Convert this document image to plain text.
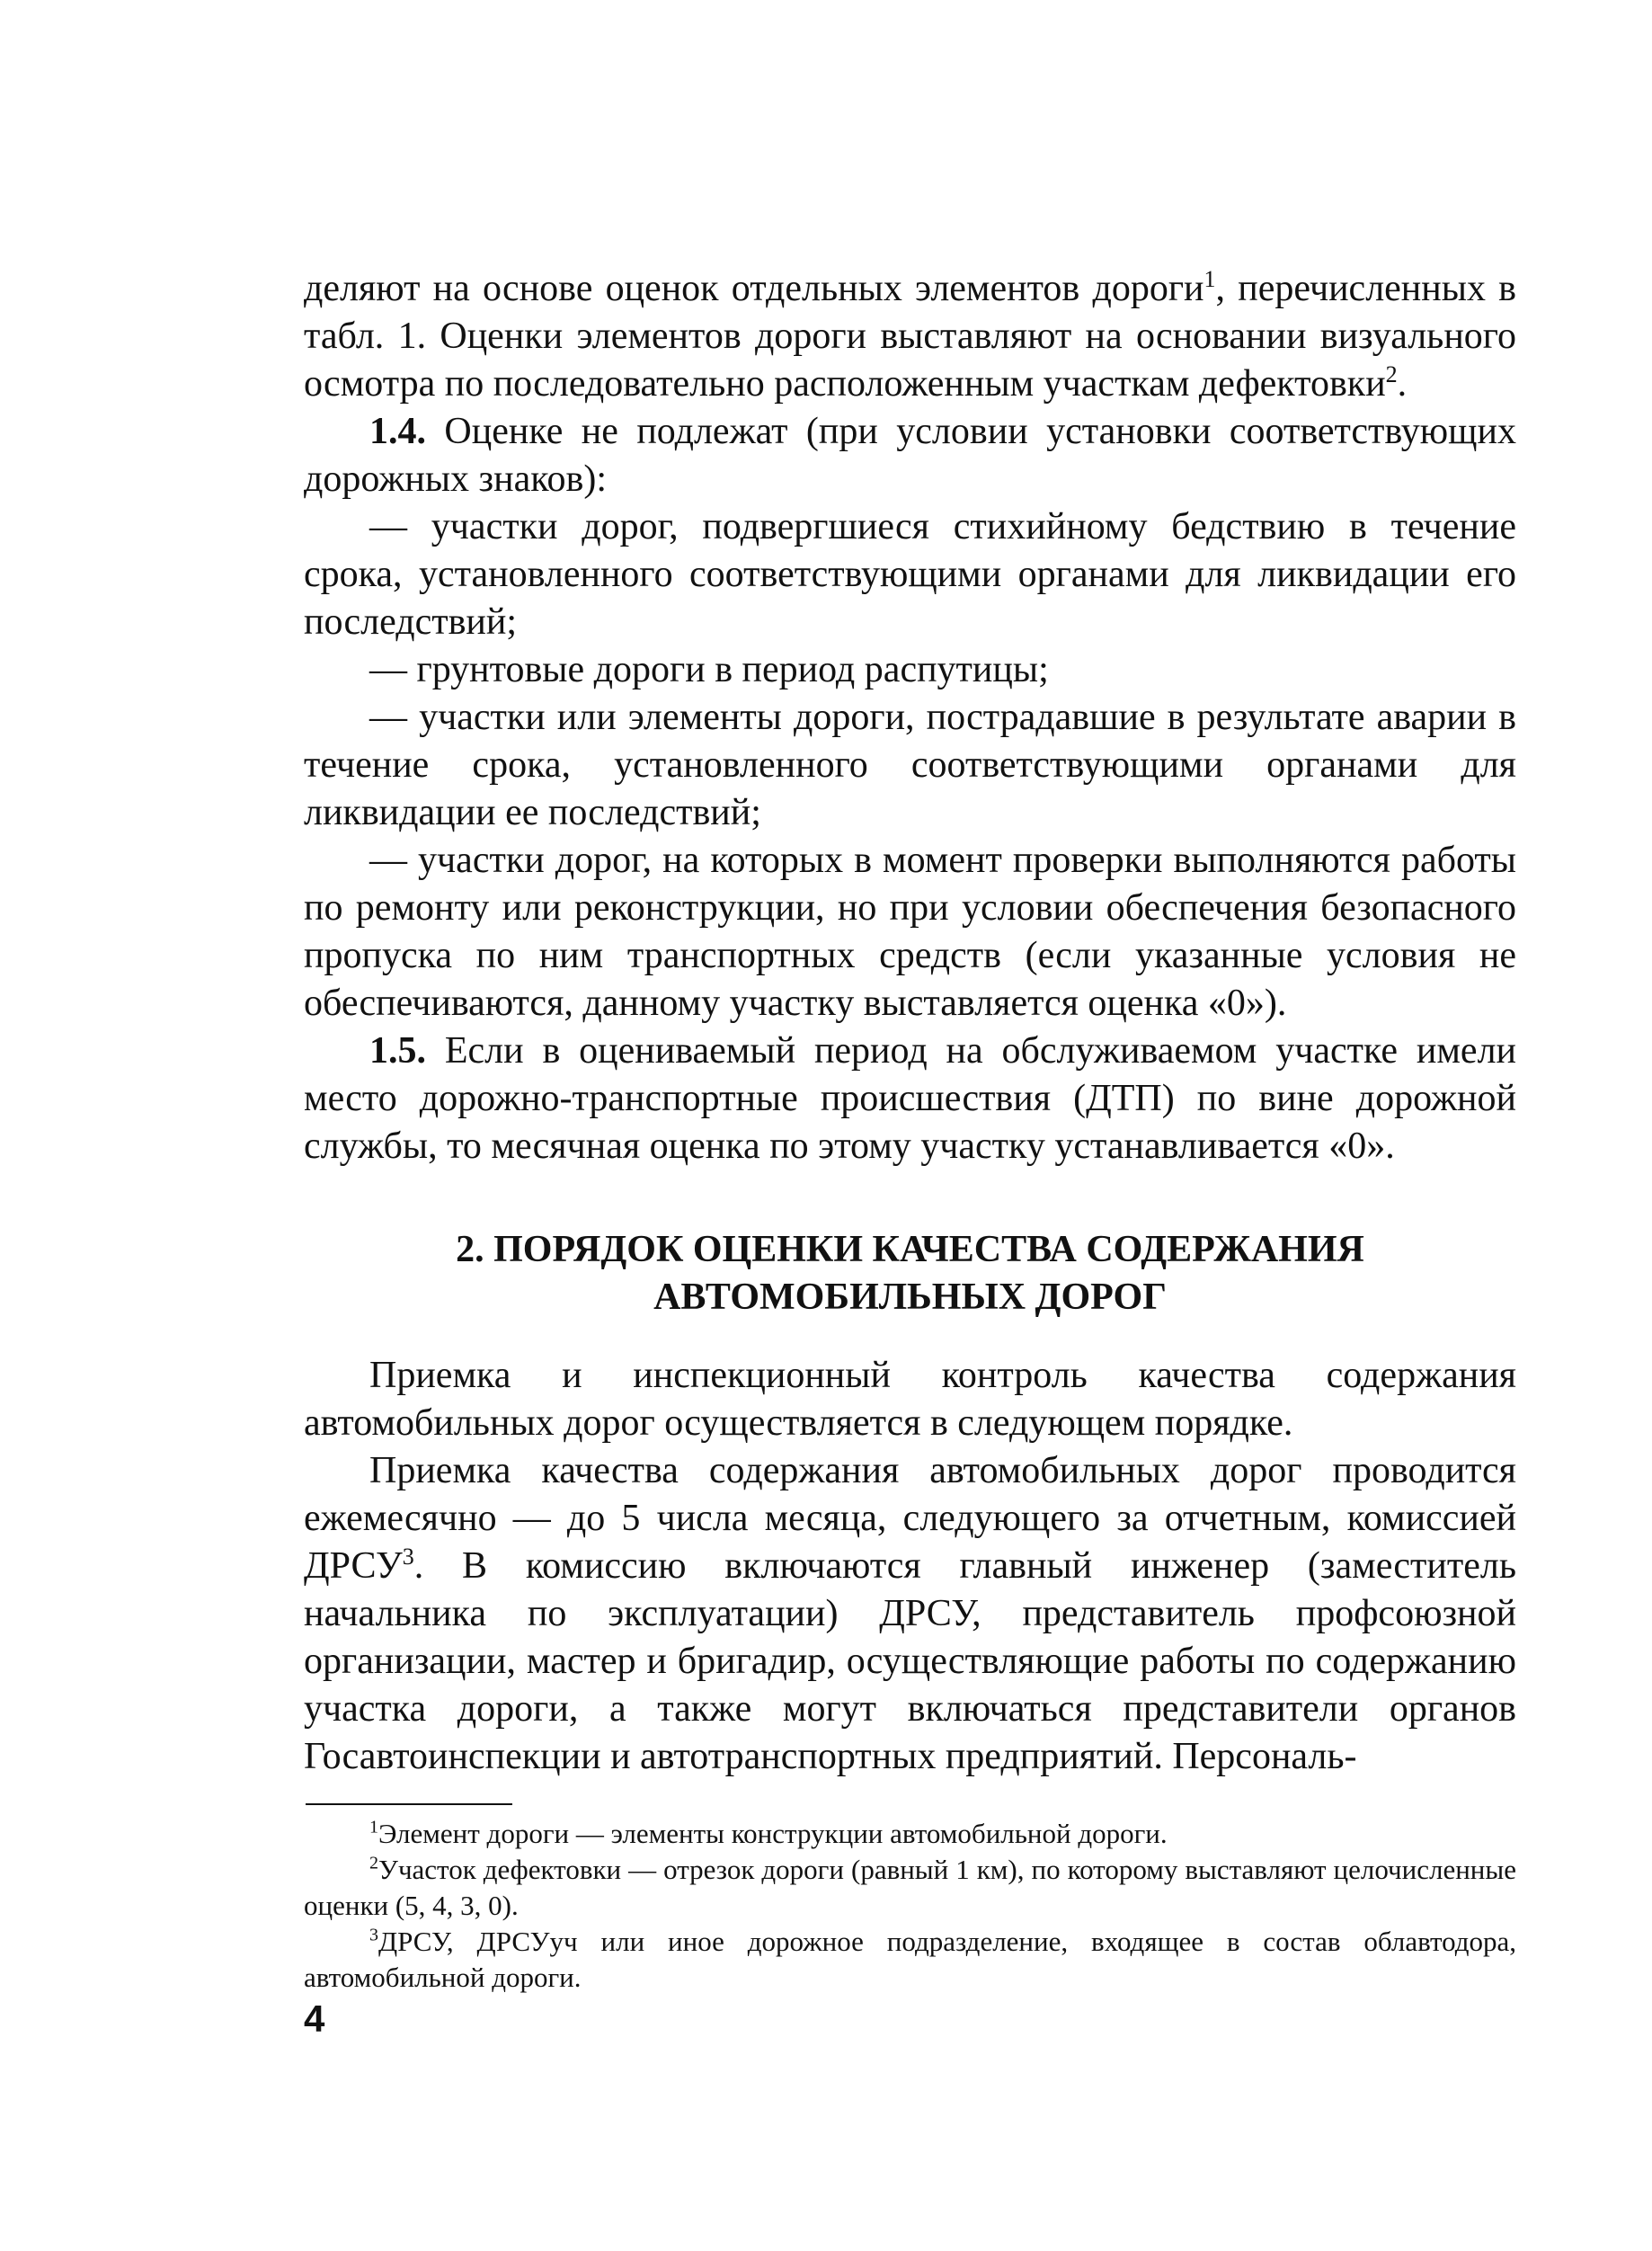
деляют на основе оценок отдельных элементов дороги$^1$, перечисленных в табл. 1. Оценки элементов дороги выставляют на основании визуального осмотра по последовательно расположенным участкам дефектовки$^2$.

1.4. Оценке не подлежат (при условии установки соответствующих дорожных знаков):

— участки дорог, подвергшиеся стихийному бедствию в течение срока, установленного соответствующими органами для ликвидации его последствий;

— грунтовые дороги в период распутицы;

— участки или элементы дороги, пострадавшие в результате аварии в течение срока, установленного соответствующими органами для ликвидации ее последствий;

— участки дорог, на которых в момент проверки выполняются работы по ремонту или реконструкции, но при условии обеспечения безопасного пропуска по ним транспортных средств (если указанные условия не обеспечиваются, данному участку выставляется оценка «0»).

1.5. Если в оцениваемый период на обслуживаемом участке имели место дорожно-транспортные происшествия (ДТП) по вине дорожной службы, то месячная оценка по этому участку устанавливается «0».

2. ПОРЯДОК ОЦЕНКИ КАЧЕСТВА СОДЕРЖАНИЯ
АВТОМОБИЛЬНЫХ ДОРОГ

Приемка и инспекционный контроль качества содержания автомобильных дорог осуществляется в следующем порядке.

Приемка качества содержания автомобильных дорог проводится ежемесячно — до 5 числа месяца, следующего за отчетным, комиссией ДРСУ$^3$. В комиссию включаются главный инженер (заместитель начальника по эксплуатации) ДРСУ, представитель профсоюзной организации, мастер и бригадир, осуществляющие работы по содержанию участка дороги, а также могут включаться представители органов Госавтоинспекции и автотранспортных предприятий. Персональ-

$^1$Элемент дороги — элементы конструкции автомобильной дороги.

$^2$Участок дефектовки — отрезок дороги (равный 1 км), по которому выставляют целочисленные оценки (5, 4, 3, 0).

$^3$ДРСУ, ДРСУуч или иное дорожное подразделение, входящее в состав облавтодора, автомобильной дороги.

4
